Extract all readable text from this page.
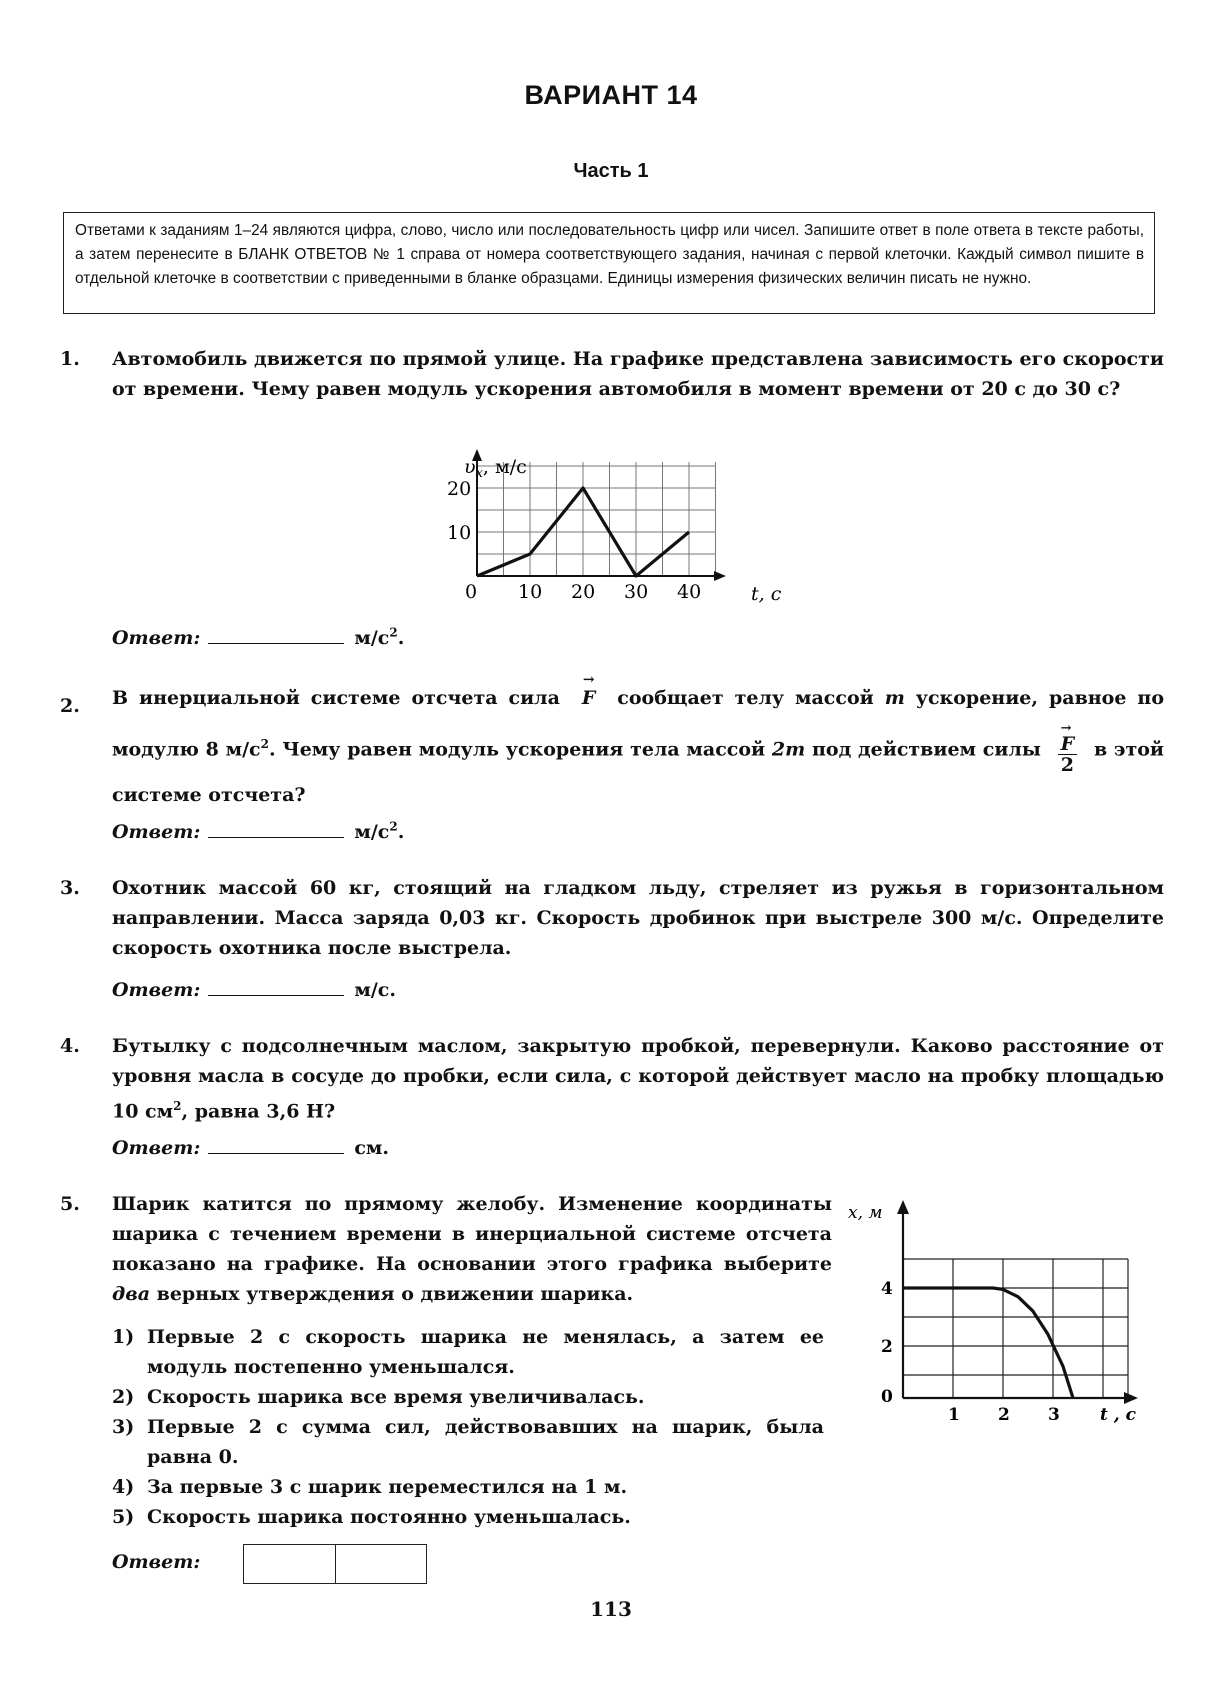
ВАРИАНТ 14
Часть 1
Ответами к заданиям 1–24 являются цифра, слово, число или последовательность цифр или чисел. Запишите ответ в поле ответа в тексте работы, а затем перенесите в БЛАНК ОТВЕТОВ № 1 справа от номера соответствующего задания, начиная с первой клеточки. Каждый символ пишите в отдельной клеточке в соответствии с приведенными в бланке образцами. Единицы измерения физических величин писать не нужно.
1. Автомобиль движется по прямой улице. На графике представлена зависимость его скорости от времени. Чему равен модуль ускорения автомобиля в момент времени от 20 с до 30 с?
0 10 20 30 40
10
20
$\upsilon_x$, м/с
t, с
Ответ:	$м/с^2$.
2. В инерциальной системе отсчета сила
→
F сообщает телу массой m ускорение, равное по модулю 8 $м/с^2$. Чему равен модуль ускорения тела массой 2m под действием силы →
F
2 в этой системе отсчета?
Ответ:	$м/с^2$.
3. Охотник массой 60 кг, стоящий на гладком льду, стреляет из ружья в горизонтальном направлении. Масса заряда 0,03 кг. Скорость дробинок при выстреле 300 м/с. Определите скорость охотника после выстрела.
Ответ:	м/с.
4. Бутылку с подсолнечным маслом, закрытую пробкой, перевернули. Каково расстояние от уровня масла в сосуде до пробки, если сила, с которой действует масло на пробку площадью 10 $см^2$, равна 3,6 Н?
Ответ:	см.
5. Шарик катится по прямому желобу. Изменение координаты шарика с течением времени в инерциальной системе отсчета показано на графике. На основании этого графика выберите два верных утверждения о движении шарика.
1) Первые 2 с скорость шарика не менялась, а затем ее модуль постепенно уменьшался.
2) Скорость шарика все время увеличивалась.
3) Первые 2 с сумма сил, действовавших на шарик, была равна 0.
4) За первые 3 с шарик переместился на 1 м.
5) Скорость шарика постоянно уменьшалась.
1 2 3
0
2
4
x, м
t , с
Ответ:
113
